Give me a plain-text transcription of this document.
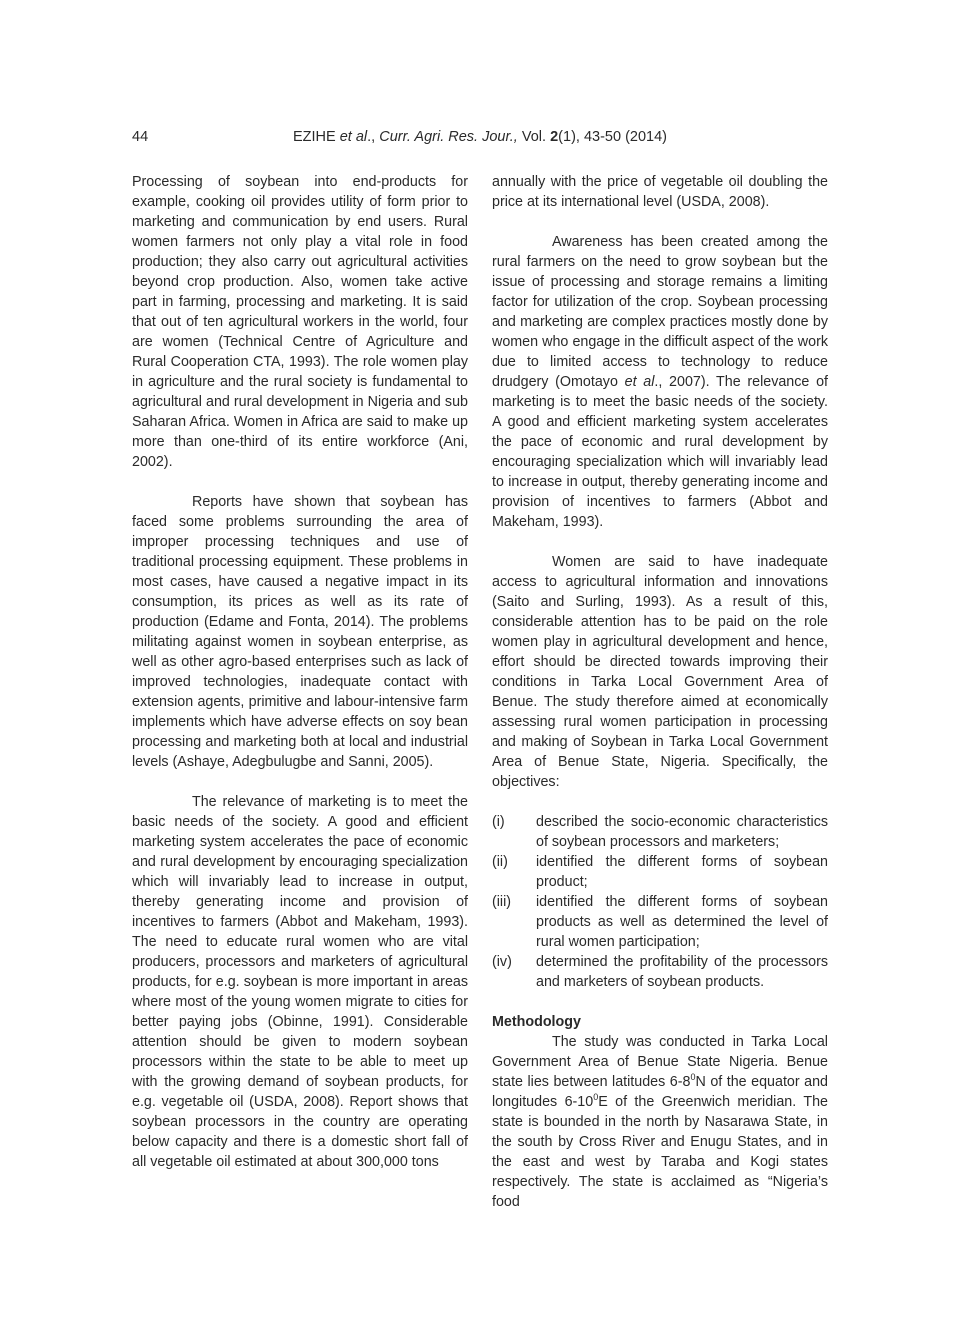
44	EZIHE et al., Curr. Agri. Res. Jour., Vol. 2(1), 43-50 (2014)

Processing of soybean into end-products for example, cooking oil provides utility of form prior to marketing and communication by end users. Rural women farmers not only play a vital role in food production; they also carry out agricultural activities beyond crop production. Also, women take active part in farming, processing and marketing. It is said that out of ten agricultural workers in the world, four are women (Technical Centre of Agriculture and Rural Cooperation CTA, 1993). The role women play in agriculture and the rural society is fundamental to agricultural and rural development in Nigeria and sub Saharan Africa. Women in Africa are said to make up more than one-third of its entire workforce (Ani, 2002).

Reports have shown that soybean has faced some problems surrounding the area of improper processing techniques and use of traditional processing equipment. These problems in most cases, have caused a negative impact in its consumption, its prices as well as its rate of production (Edame and Fonta, 2014). The problems militating against women in soybean enterprise, as well as other agro-based enterprises such as lack of improved technologies, inadequate contact with extension agents, primitive and labour-intensive farm implements which have adverse effects on soy bean processing and marketing both at local and industrial levels (Ashaye, Adegbulugbe and Sanni, 2005).

The relevance of marketing is to meet the basic needs of the society. A good and efficient marketing system accelerates the pace of economic and rural development by encouraging specialization which will invariably lead to increase in output, thereby generating income and provision of incentives to farmers (Abbot and Makeham, 1993). The need to educate rural women who are vital producers, processors and marketers of agricultural products, for e.g. soybean is more important in areas where most of the young women migrate to cities for better paying jobs (Obinne, 1991). Considerable attention should be given to modern soybean processors within the state to be able to meet up with the growing demand of soybean products, for e.g. vegetable oil (USDA, 2008). Report shows that soybean processors in the country are operating below capacity and there is a domestic short fall of all vegetable oil estimated at about 300,000 tons

annually with the price of vegetable oil doubling the price at its international level (USDA, 2008).

Awareness has been created among the rural farmers on the need to grow soybean but the issue of processing and storage remains a limiting factor for utilization of the crop. Soybean processing and marketing are complex practices mostly done by women who engage in the difficult aspect of the work due to limited access to technology to reduce drudgery (Omotayo et al., 2007). The relevance of marketing is to meet the basic needs of the society. A good and efficient marketing system accelerates the pace of economic and rural development by encouraging specialization which will invariably lead to increase in output, thereby generating income and provision of incentives to farmers (Abbot and Makeham, 1993).

Women are said to have inadequate access to agricultural information and innovations (Saito and Surling, 1993). As a result of this, considerable attention has to be paid on the role women play in agricultural development and hence, effort should be directed towards improving their conditions in Tarka Local Government Area of Benue. The study therefore aimed at economically assessing rural women participation in processing and making of Soybean in Tarka Local Government Area of Benue State, Nigeria. Specifically, the objectives:

(i)	described the socio-economic characteristics of soybean processors and marketers;
(ii)	identified the different forms of soybean product;
(iii)	identified the different forms of soybean products as well as determined the level of rural women participation;
(iv)	determined the profitability of the processors and marketers of soybean products.

Methodology

The study was conducted in Tarka Local Government Area of Benue State Nigeria. Benue state lies between latitudes $6-8^0N$ of the equator and longitudes $6-10^0E$ of the Greenwich meridian. The state is bounded in the north by Nasarawa State, in the south by Cross River and Enugu States, and in the east and west by Taraba and Kogi states respectively. The state is acclaimed as “Nigeria’s food
